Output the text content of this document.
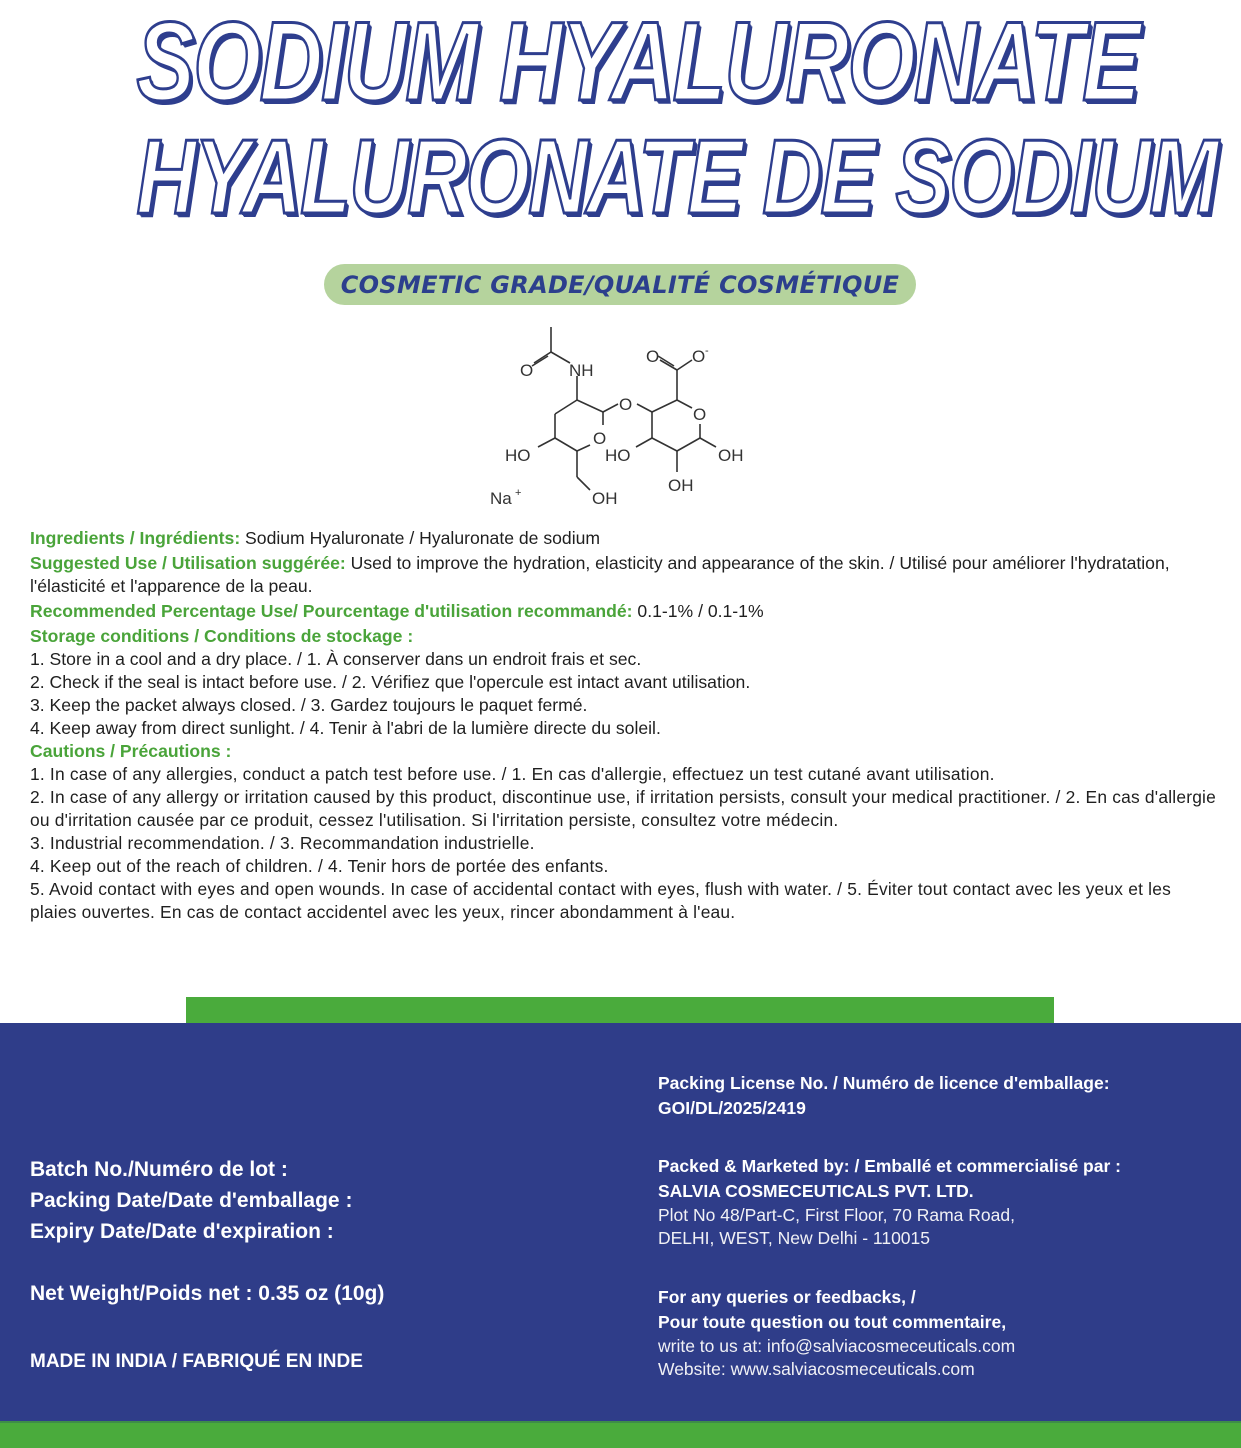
SODIUM HYALURONATE
HYALURONATE DE SODIUM
COSMETIC GRADE/QUALITÉ COSMÉTIQUE
O NH
O
O
HO	HO
OH
Na +
O O -
O
OH
OH
Ingredients / Ingrédients: Sodium Hyaluronate / Hyaluronate de sodium
Suggested Use / Utilisation suggérée: Used to improve the hydration, elasticity and appearance of the skin. / Utilisé pour améliorer l'hydratation, l'élasticité et l'apparence de la peau.
Recommended Percentage Use/ Pourcentage d'utilisation recommandé: 0.1-1% / 0.1-1%
Storage conditions / Conditions de stockage :
1. Store in a cool and a dry place. / 1. À conserver dans un endroit frais et sec.
2. Check if the seal is intact before use. / 2. Vérifiez que l'opercule est intact avant utilisation.
3. Keep the packet always closed. / 3. Gardez toujours le paquet fermé.
4. Keep away from direct sunlight. / 4. Tenir à l'abri de la lumière directe du soleil.
Cautions / Précautions :
1. In case of any allergies, conduct a patch test before use. / 1. En cas d'allergie, effectuez un test cutané avant utilisation.
2. In case of any allergy or irritation caused by this product, discontinue use, if irritation persists, consult your medical practitioner. / 2. En cas d'allergie ou d'irritation causée par ce produit, cessez l'utilisation. Si l'irritation persiste, consultez votre médecin.
3. Industrial recommendation. / 3. Recommandation industrielle.
4. Keep out of the reach of children. / 4. Tenir hors de portée des enfants.
5. Avoid contact with eyes and open wounds. In case of accidental contact with eyes, flush with water. / 5. Éviter tout contact avec les yeux et les plaies ouvertes. En cas de contact accidentel avec les yeux, rincer abondamment à l'eau.
Batch No./Numéro de lot :
Packing Date/Date d'emballage :
Expiry Date/Date d'expiration :
Net Weight/Poids net : 0.35 oz (10g)
MADE IN INDIA / FABRIQUÉ EN INDE
Packing License No. / Numéro de licence d'emballage:
GOI/DL/2025/2419
Packed & Marketed by: / Emballé et commercialisé par :
SALVIA COSMECEUTICALS PVT. LTD.
Plot No 48/Part-C, First Floor, 70 Rama Road,
DELHI, WEST, New Delhi - 110015
For any queries or feedbacks, /
Pour toute question ou tout commentaire,
write to us at: info@salviacosmeceuticals.com
Website: www.salviacosmeceuticals.com
